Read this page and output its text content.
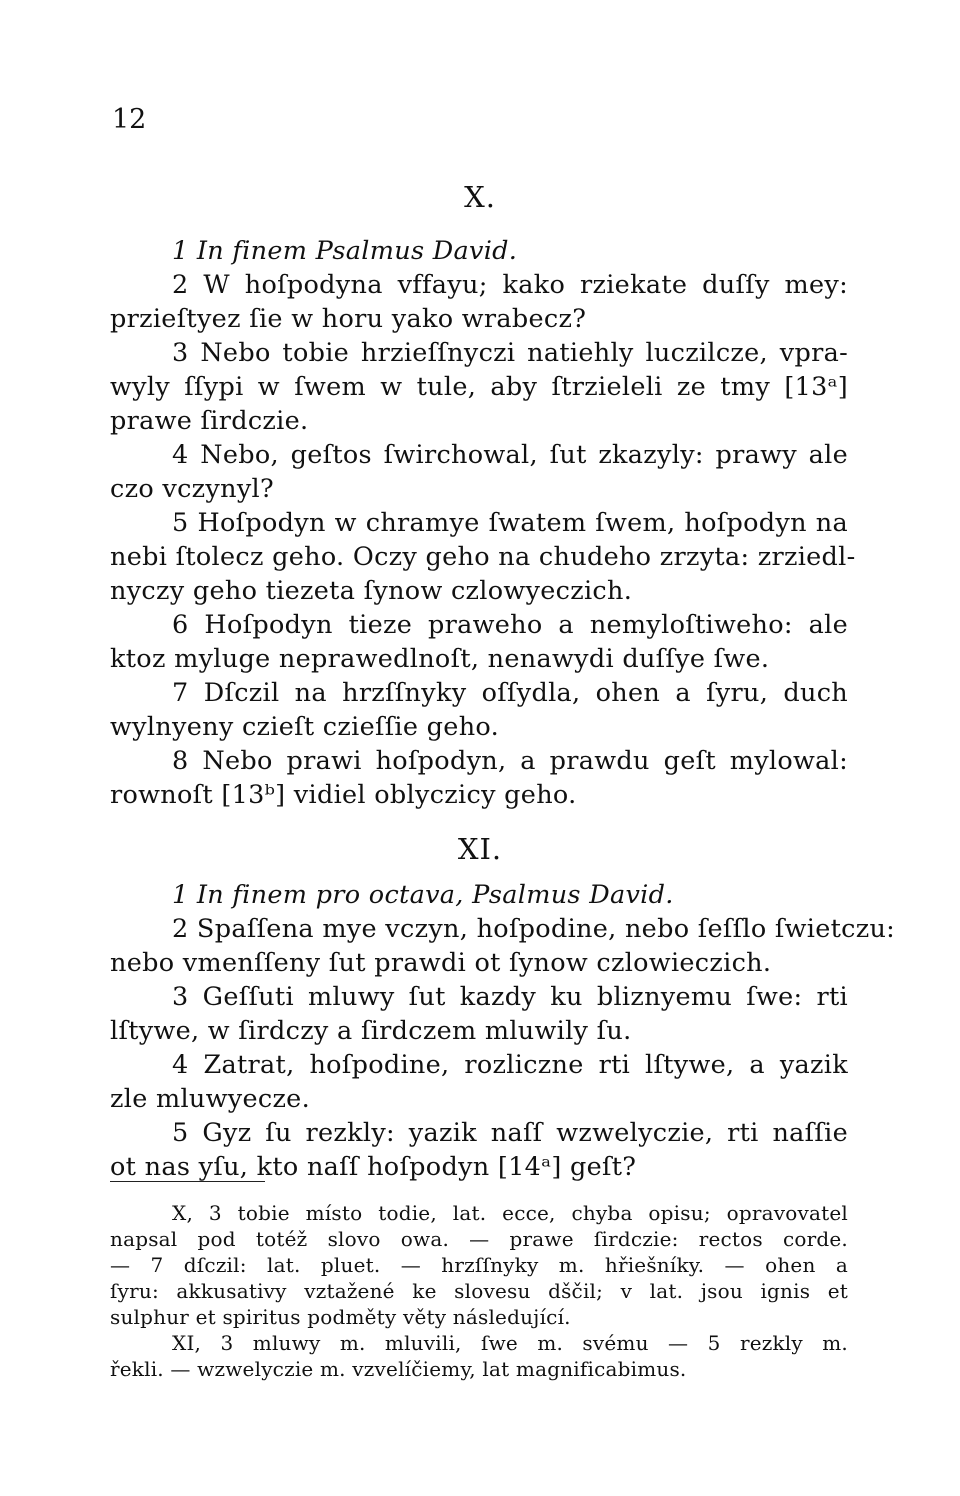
12
X.
1 In finem Psalmus David.
2 W hoſpodyna vffayu; kako rziekate duſſy mey:
przieſtyez ſie w horu yako wrabecz?
3 Nebo tobie hrzieſſnyczi natiehly luczilcze, vpra-
wyly ſſypi w ſwem w tule, aby ſtrzieleli ze tmy [13ᵃ]
prawe ſirdczie.
4 Nebo, geſtos ſwirchowal, ſut zkazyly: prawy ale
czo vczynyl?
5 Hoſpodyn w chramye ſwatem ſwem, hoſpodyn na
nebi ſtolecz geho. Oczy geho na chudeho zrzyta: zrziedl-
nyczy geho tiezeta ſynow czlowyeczich.
6 Hoſpodyn tieze praweho a nemyloſtiweho: ale
ktoz myluge neprawedlnoſt, nenawydi duſſye ſwe.
7 Dſczil na hrzſſnyky oſſydla, ohen a ſyru, duch
wylnyeny czieſt czieſſie geho.
8 Nebo prawi hoſpodyn, a prawdu geſt mylowal:
rownoſt [13ᵇ] vidiel oblyczicy geho.
XI.
1 In finem pro octava, Psalmus David.
2 Spaſſena mye vczyn, hoſpodine, nebo ſeſſlo ſwietczu:
nebo vmenſſeny ſut prawdi ot ſynow czlowieczich.
3 Geſſuti mluwy ſut kazdy ku bliznyemu ſwe: rti
lſtywe, w ſirdczy a ſirdczem mluwily ſu.
4 Zatrat, hoſpodine, rozliczne rti lſtywe, a yazik
zle mluwyecze.
5 Gyz ſu rezkly: yazik naſſ wzwelyczie, rti naſſie
ot nas yſu, kto naſſ hoſpodyn [14ᵃ] geſt?
X, 3 tobie místo todie, lat. ecce, chyba opisu; opravovatel
napsal pod totéž slovo owa. — prawe ſirdczie: rectos corde.
— 7 dſczil: lat. pluet. — hrzſſnyky m. hřiešníky. — ohen a
ſyru: akkusativy vztažené ke slovesu dščil; v lat. jsou ignis et
sulphur et spiritus podměty věty následující.
XI, 3 mluwy m. mluvili, ſwe m. svému — 5 rezkly m.
řekli. — wzwelyczie m. vzvelíčiemy, lat magnificabimus.
